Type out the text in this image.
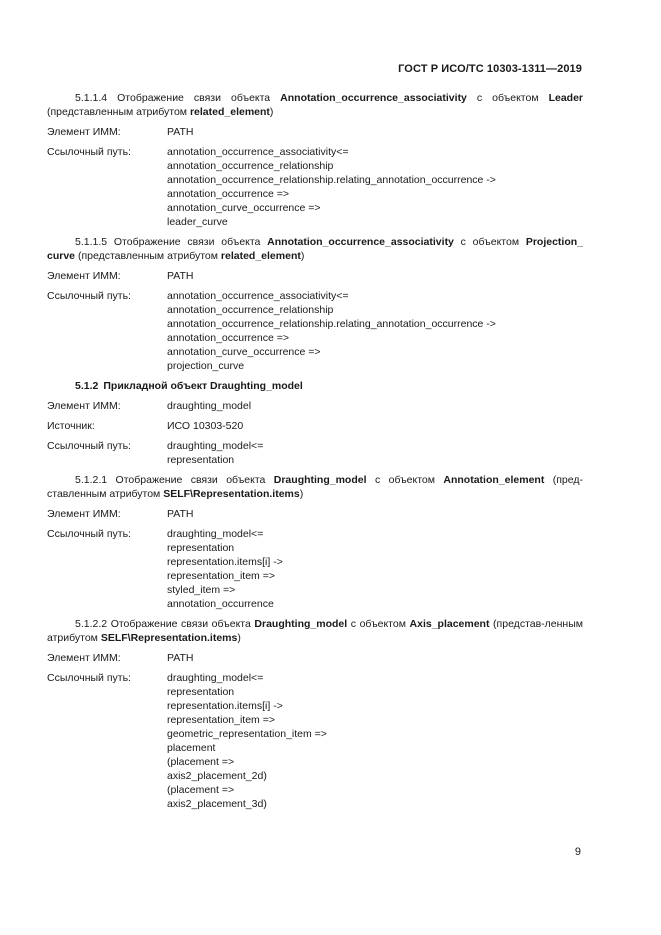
ГОСТ Р ИСО/ТС 10303-1311—2019

5.1.1.4 Отображение связи объекта Annotation_occurrence_associativity с объектом Leader (представленным атрибутом related_element)

Элемент ИММ:	PATH
Ссылочный путь:	annotation_occurrence_associativity<=
annotation_occurrence_relationship
annotation_occurrence_relationship.relating_annotation_occurrence ->
annotation_occurrence =>
annotation_curve_occurrence =>
leader_curve

5.1.1.5 Отображение связи объекта Annotation_occurrence_associativity с объектом Projection_ curve (представленным атрибутом related_element)

Элемент ИММ:	PATH
Ссылочный путь:	annotation_occurrence_associativity<=
annotation_occurrence_relationship
annotation_occurrence_relationship.relating_annotation_occurrence ->
annotation_occurrence =>
annotation_curve_occurrence =>
projection_curve
5.1.2 Прикладной объект Draughting_model
Элемент ИММ:	draughting_model
Источник:	ИСО 10303-520
Ссылочный путь:	draughting_model<=
representation

5.1.2.1 Отображение связи объекта Draughting_model с объектом Annotation_element (пред-ставленным атрибутом SELF\Representation.items)

Элемент ИММ:	PATH
Ссылочный путь:	draughting_model<=
representation
representation.items[i] ->
representation_item =>
styled_item =>
annotation_occurrence

5.1.2.2 Отображение связи объекта Draughting_model с объектом Axis_placement (представ-ленным атрибутом SELF\Representation.items)

Элемент ИММ:	PATH
Ссылочный путь:	draughting_model<=
representation
representation.items[i] ->
representation_item =>
geometric_representation_item =>
placement
(placement =>
axis2_placement_2d)
(placement =>
axis2_placement_3d)
9
